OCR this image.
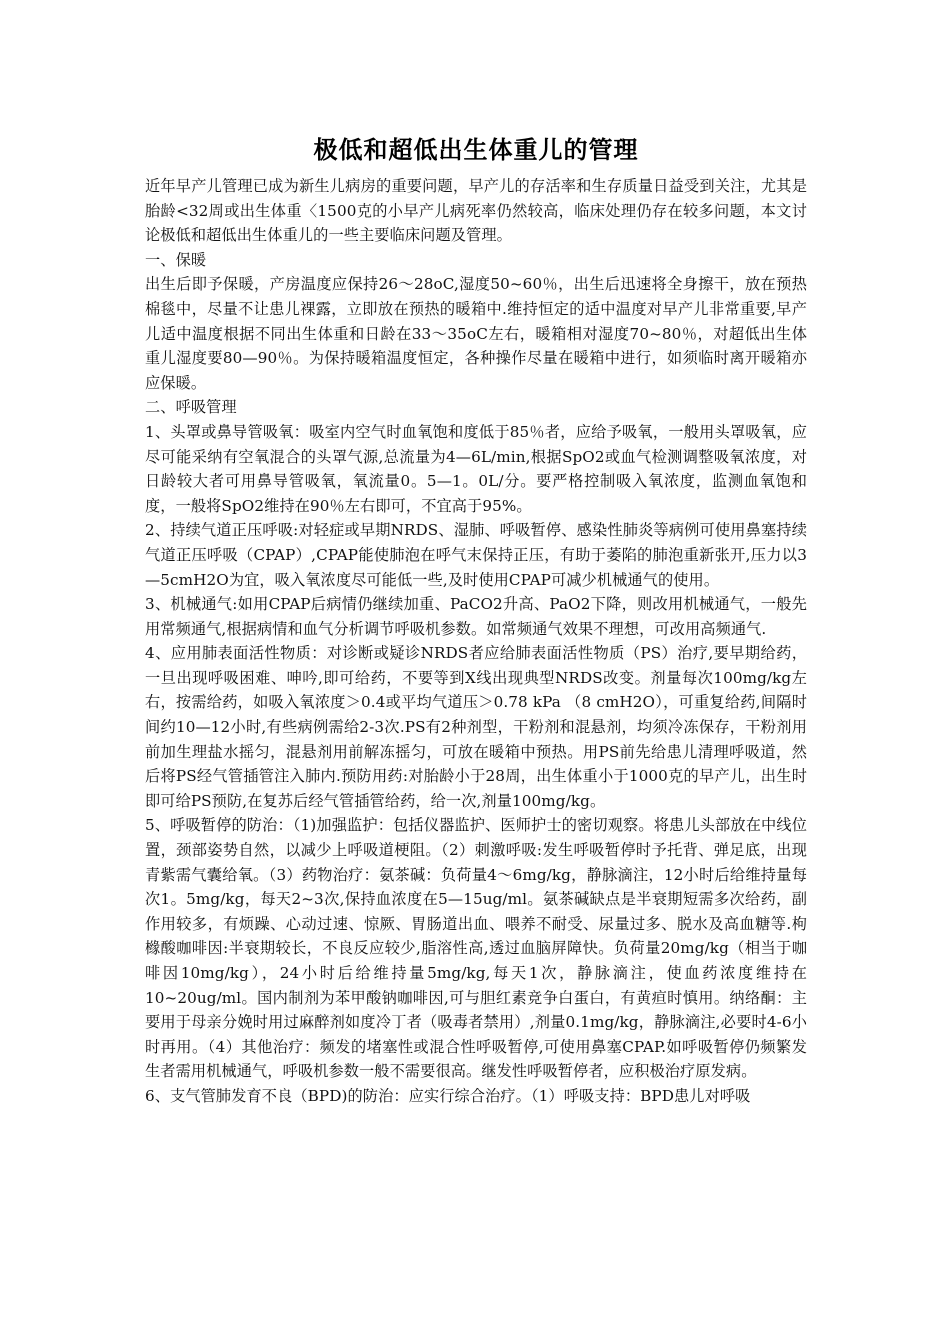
极低和超低出生体重儿的管理

近年早产儿管理已成为新生儿病房的重要问题，早产儿的存活率和生存质量日益受到关注，尤其是胎龄<32周或出生体重〈1500克的小早产儿病死率仍然较高，临床处理仍存在较多问题，本文讨论极低和超低出生体重儿的一些主要临床问题及管理。

一、保暖

出生后即予保暖，产房温度应保持26～28oC,湿度50~60％，出生后迅速将全身擦干，放在预热棉毯中，尽量不让患儿裸露，立即放在预热的暖箱中.维持恒定的适中温度对早产儿非常重要,早产儿适中温度根据不同出生体重和日龄在33～35oC左右，暖箱相对湿度70~80％，对超低出生体重儿湿度要80—90％。为保持暖箱温度恒定，各种操作尽量在暖箱中进行，如须临时离开暖箱亦应保暖。

二、呼吸管理

1、头罩或鼻导管吸氧：吸室内空气时血氧饱和度低于85％者，应给予吸氧，一般用头罩吸氧，应尽可能采纳有空氧混合的头罩气源,总流量为4—6L/min,根据SpO2或血气检测调整吸氧浓度，对日龄较大者可用鼻导管吸氧，氧流量0。5—1。0L/分。要严格控制吸入氧浓度，监测血氧饱和度，一般将SpO2维持在90％左右即可，不宜高于95%。

2、持续气道正压呼吸:对轻症或早期NRDS、湿肺、呼吸暂停、感染性肺炎等病例可使用鼻塞持续气道正压呼吸（CPAP）,CPAP能使肺泡在呼气末保持正压，有助于萎陷的肺泡重新张开,压力以3—5cmH2O为宜，吸入氧浓度尽可能低一些,及时使用CPAP可减少机械通气的使用。

3、机械通气:如用CPAP后病情仍继续加重、PaCO2升高、PaO2下降，则改用机械通气，一般先用常频通气,根据病情和血气分析调节呼吸机参数。如常频通气效果不理想，可改用高频通气.

4、应用肺表面活性物质：对诊断或疑诊NRDS者应给肺表面活性物质（PS）治疗,要早期给药，一旦出现呼吸困难、呻吟,即可给药，不要等到X线出现典型NRDS改变。剂量每次100mg/kg左右，按需给药，如吸入氧浓度＞0.4或平均气道压＞0.78 kPa （8 cmH2O），可重复给药,间隔时间约10—12小时,有些病例需给2-3次.PS有2种剂型，干粉剂和混悬剂，均须冷冻保存，干粉剂用前加生理盐水摇匀，混悬剂用前解冻摇匀，可放在暖箱中预热。用PS前先给患儿清理呼吸道，然后将PS经气管插管注入肺内.预防用药:对胎龄小于28周，出生体重小于1000克的早产儿，出生时即可给PS预防,在复苏后经气管插管给药，给一次,剂量100mg/kg。

5、呼吸暂停的防治：（1)加强监护：包括仪器监护、医师护士的密切观察。将患儿头部放在中线位置，颈部姿势自然，以减少上呼吸道梗阻。（2）刺激呼吸:发生呼吸暂停时予托背、弹足底，出现青紫需气囊给氧。（3）药物治疗：氨茶碱：负荷量4～6mg/kg，静脉滴注，12小时后给维持量每次1。5mg/kg，每天2~3次,保持血浓度在5—15ug/ml。氨茶碱缺点是半衰期短需多次给药，副作用较多，有烦躁、心动过速、惊厥、胃肠道出血、喂养不耐受、尿量过多、脱水及高血糖等.枸橼酸咖啡因:半衰期较长，不良反应较少,脂溶性高,透过血脑屏障快。负荷量20mg/kg（相当于咖啡因10mg/kg），24小时后给维持量5mg/kg,每天1次，静脉滴注，使血药浓度维持在10~20ug/ml。国内制剂为苯甲酸钠咖啡因,可与胆红素竞争白蛋白，有黄疸时慎用。纳络酮：主要用于母亲分娩时用过麻醉剂如度冷丁者（吸毒者禁用）,剂量0.1mg/kg，静脉滴注,必要时4-6小时再用。（4）其他治疗：频发的堵塞性或混合性呼吸暂停,可使用鼻塞CPAP.如呼吸暂停仍频繁发生者需用机械通气，呼吸机参数一般不需要很高。继发性呼吸暂停者，应积极治疗原发病。

6、支气管肺发育不良（BPD)的防治：应实行综合治疗。（1）呼吸支持：BPD患儿对呼吸
